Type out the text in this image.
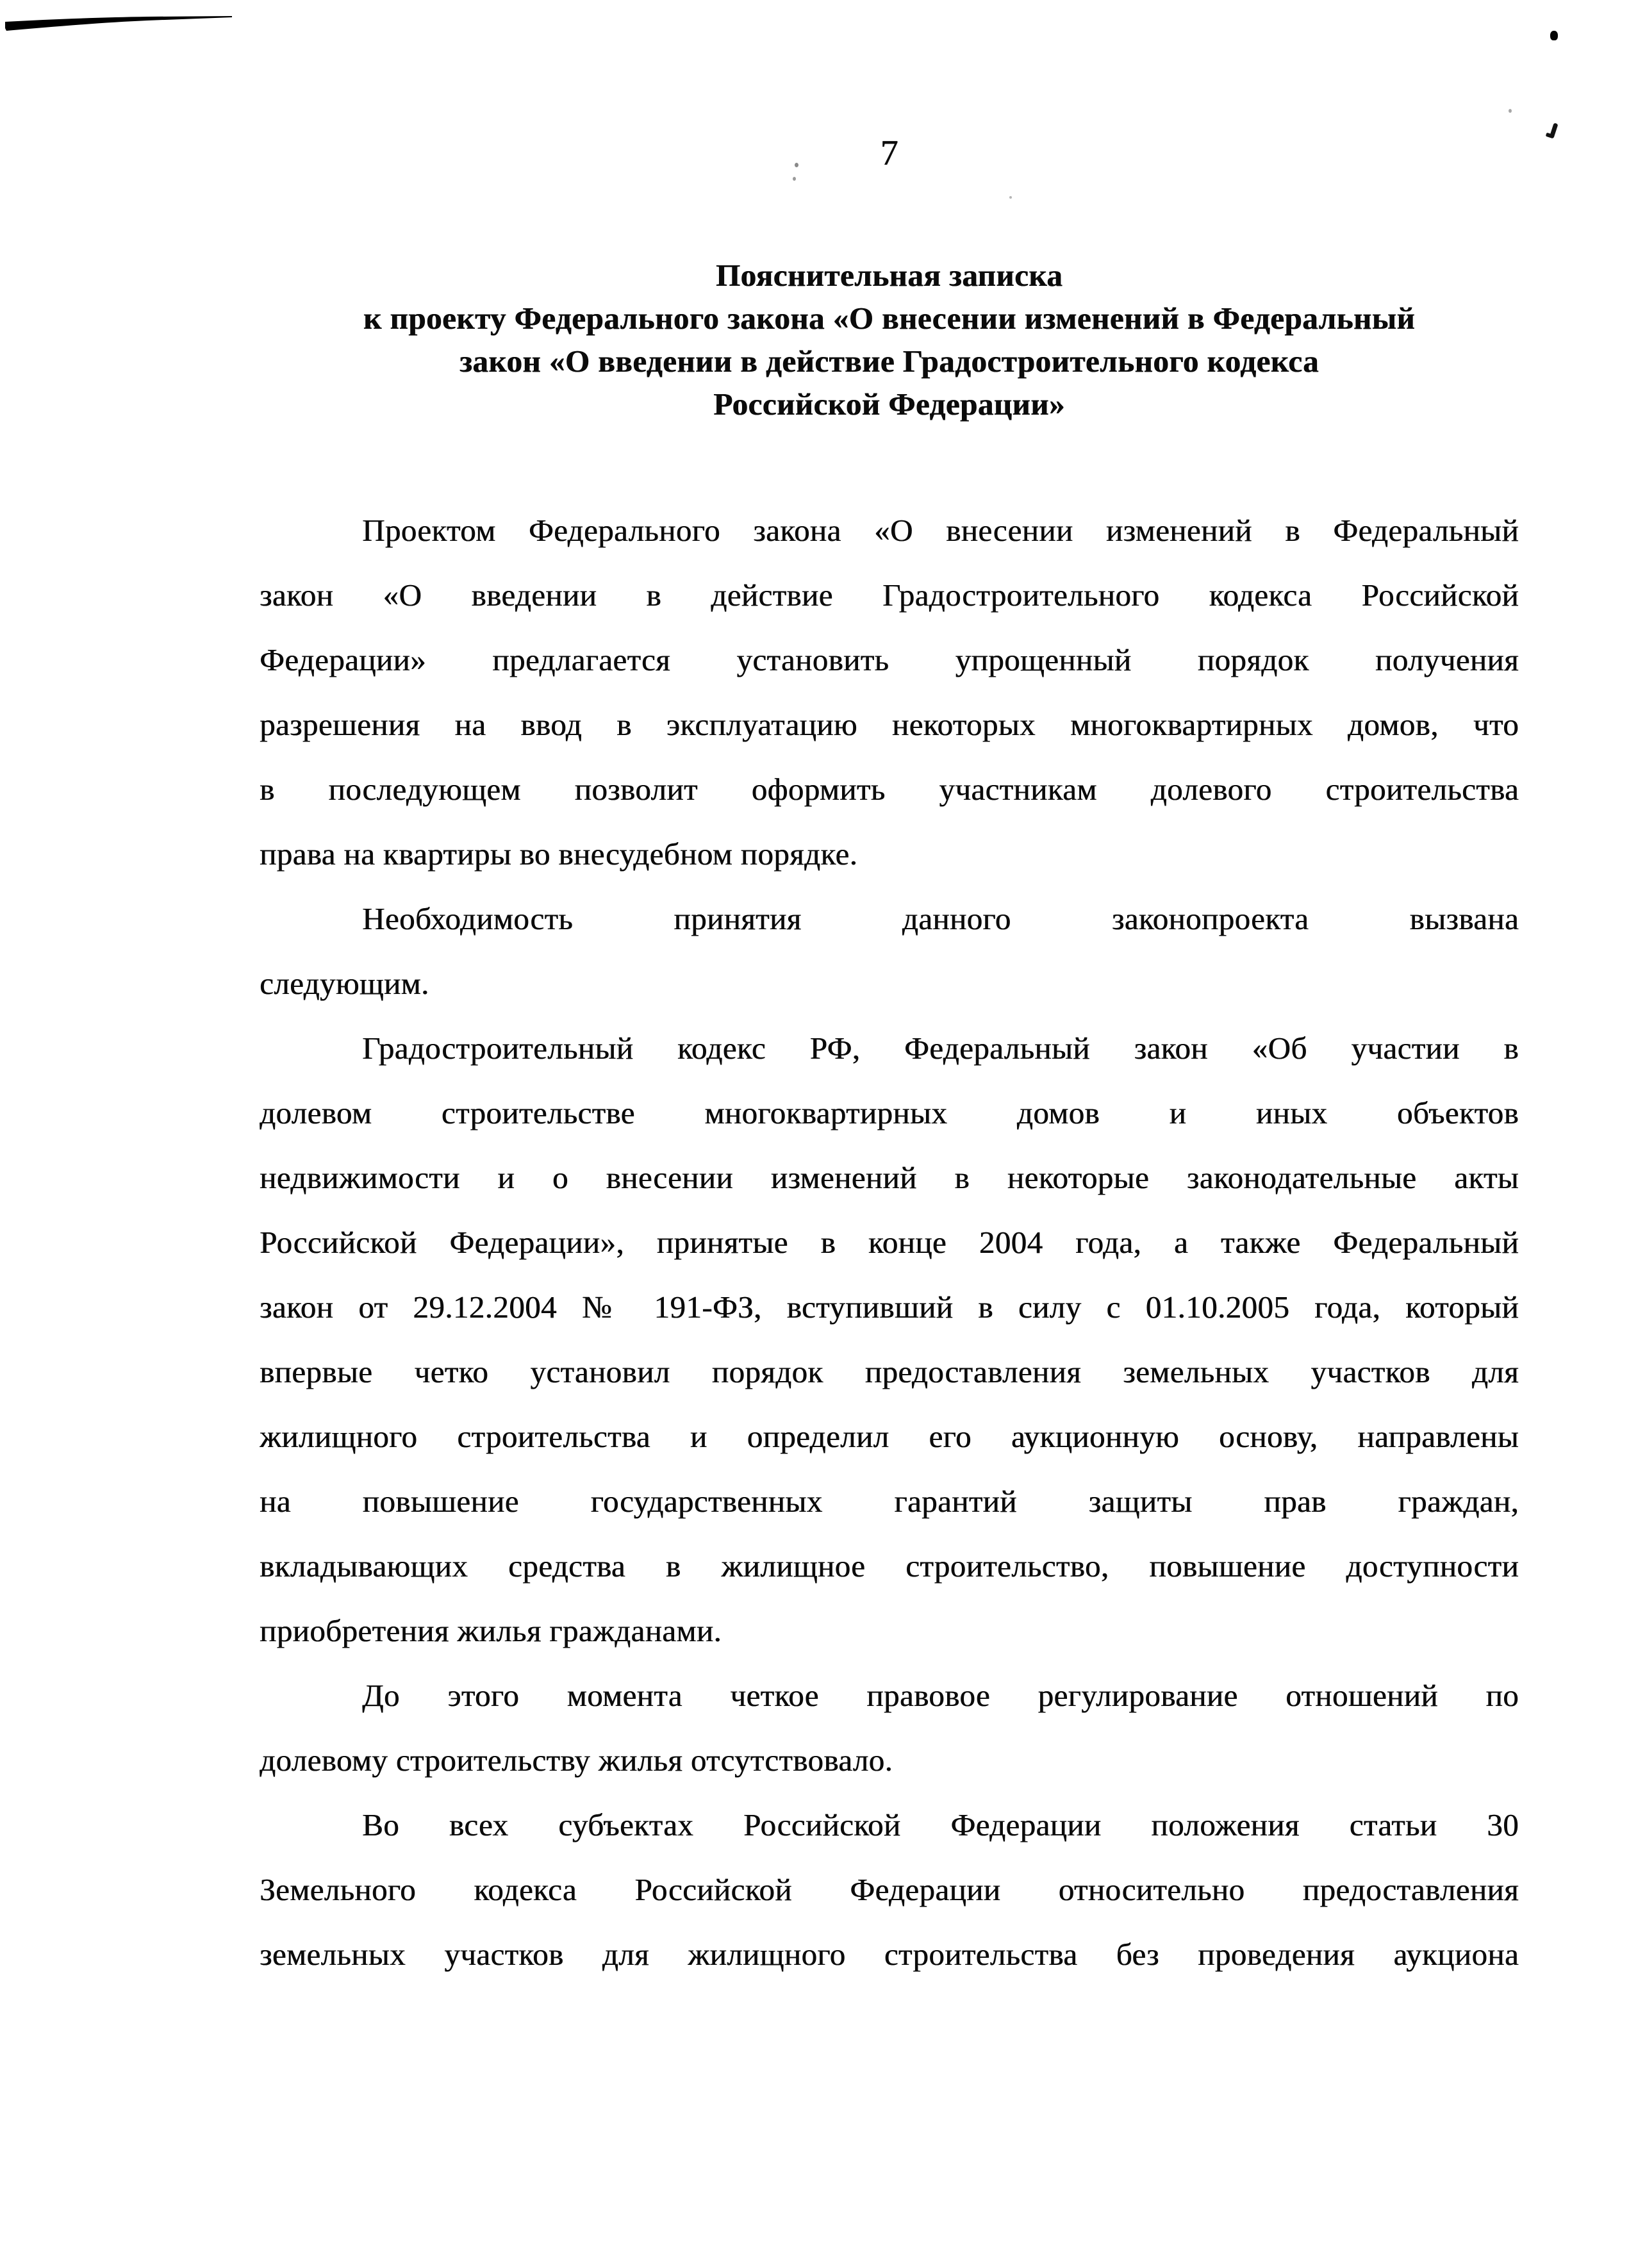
7
Пояснительная записка
к проекту Федерального закона «О внесении изменений в Федеральный
закон «О введении в действие Градостроительного кодекса
Российской Федерации»
Проектом Федерального закона «О внесении изменений в Федеральный
закон «О введении в действие Градостроительного кодекса Российской
Федерации» предлагается установить упрощенный порядок получения
разрешения на ввод в эксплуатацию некоторых многоквартирных домов, что
в последующем позволит оформить участникам долевого строительства
права на квартиры во внесудебном порядке.
Необходимость принятия данного законопроекта вызвана
следующим.
Градостроительный кодекс РФ, Федеральный закон «Об участии в
долевом строительстве многоквартирных домов и иных объектов
недвижимости и о внесении изменений в некоторые законодательные акты
Российской Федерации», принятые в конце 2004 года, а также Федеральный
закон от 29.12.2004 № 191-ФЗ, вступивший в силу с 01.10.2005 года, который
впервые четко установил порядок предоставления земельных участков для
жилищного строительства и определил его аукционную основу, направлены
на повышение государственных гарантий защиты прав граждан,
вкладывающих средства в жилищное строительство, повышение доступности
приобретения жилья гражданами.
До этого момента четкое правовое регулирование отношений по
долевому строительству жилья отсутствовало.
Во всех субъектах Российской Федерации положения статьи 30
Земельного кодекса Российской Федерации относительно предоставления
земельных участков для жилищного строительства без проведения аукциона
